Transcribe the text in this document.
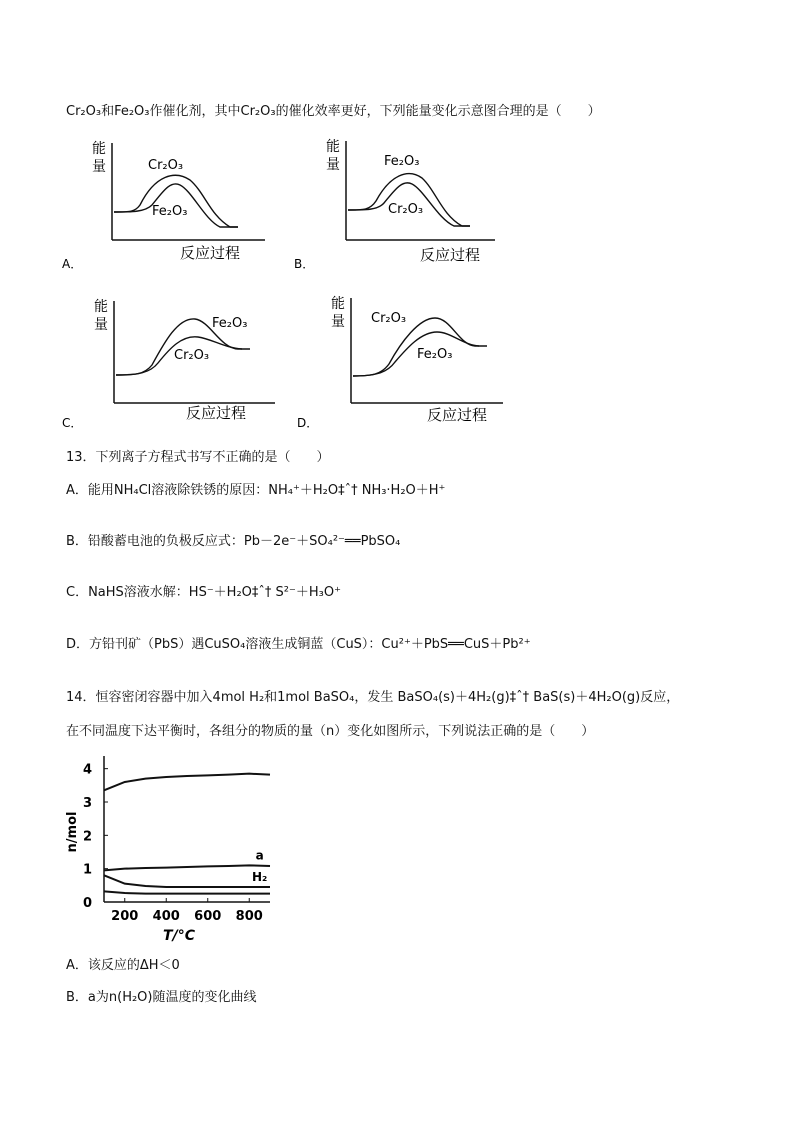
Cr₂O₃和Fe₂O₃作催化剂，其中Cr₂O₃的催化效率更好，下列能量变化示意图合理的是（　　）
能
量	Cr₂O₃
Fe₂O₃
反应过程
A．
能
量	Fe₂O₃
Cr₂O₃
反应过程
B．
能
量	Fe₂O₃
Cr₂O₃
反应过程
C．
能
量 Cr₂O₃
Fe₂O₃
反应过程
D．
13．下列离子方程式书写不正确的是（　　）
A．能用NH₄Cl溶液除铁锈的原因：NH₄⁺＋H₂O‡ˆ† NH₃·H₂O＋H⁺
B．铅酸蓄电池的负极反应式：Pb－2e⁻＋SO₄²⁻══PbSO₄
C．NaHS溶液水解：HS⁻＋H₂O‡ˆ† S²⁻＋H₃O⁺
D．方铅刊矿（PbS）遇CuSO₄溶液生成铜蓝（CuS）：Cu²⁺＋PbS══CuS＋Pb²⁺
14．恒容密闭容器中加入4mol H₂和1mol BaSO₄，发生 BaSO₄(s)＋4H₂(g)‡ˆ† BaS(s)＋4H₂O(g)反应，
在不同温度下达平衡时，各组分的物质的量（n）变化如图所示，下列说法正确的是（　　）
a
H₂
0
1
2
3
4
200 400 600 800
n/mol
T/°C
A．该反应的ΔH＜0
B．a为n(H₂O)随温度的变化曲线
